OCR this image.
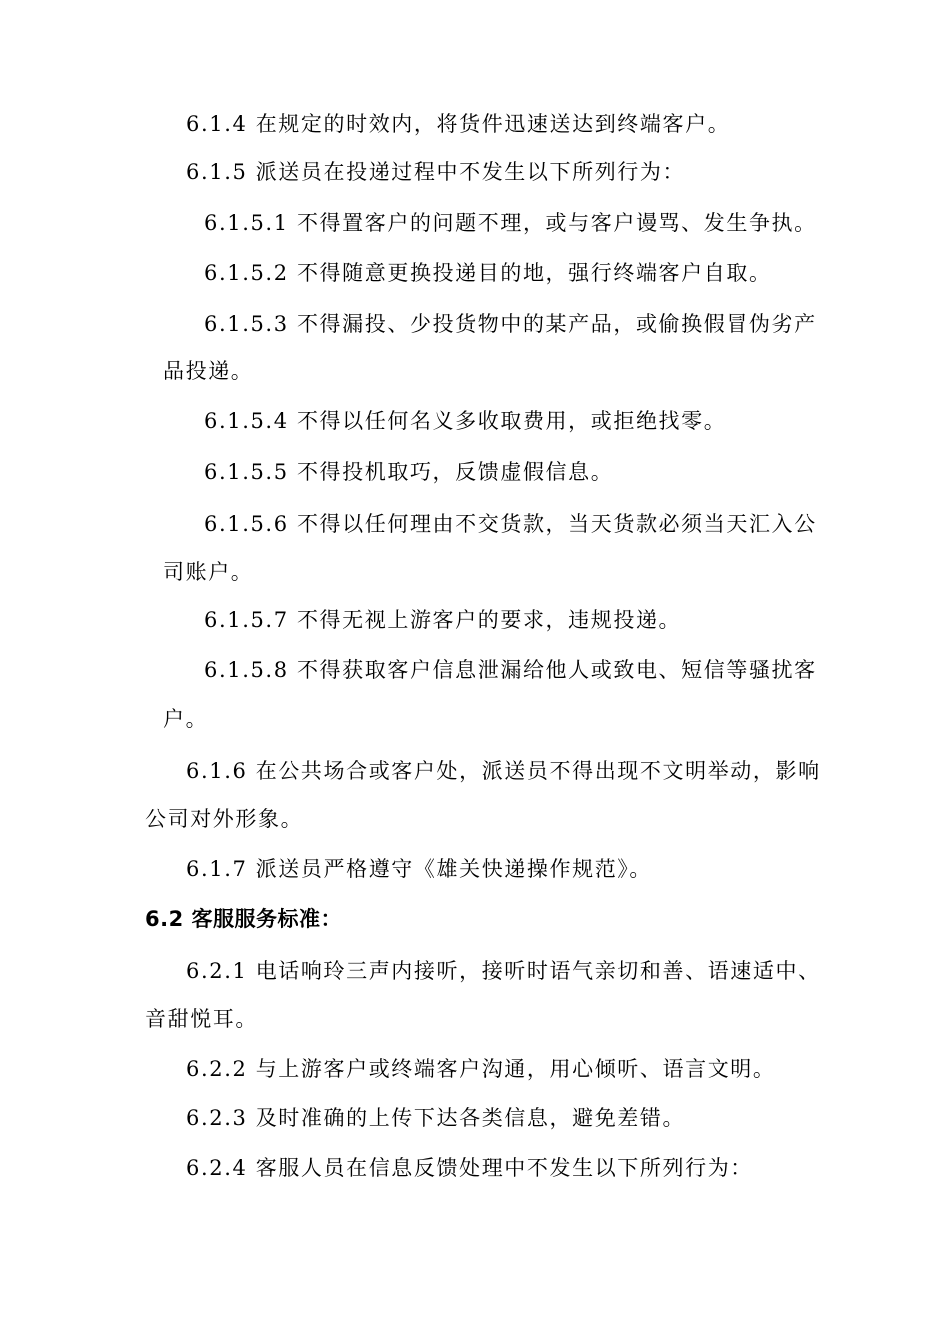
6.1.4 在规定的时效内，将货件迅速送达到终端客户。

6.1.5 派送员在投递过程中不发生以下所列行为：

6.1.5.1 不得置客户的问题不理，或与客户谩骂、发生争执。

6.1.5.2 不得随意更换投递目的地，强行终端客户自取。

6.1.5.3 不得漏投、少投货物中的某产品，或偷换假冒伪劣产

品投递。

6.1.5.4 不得以任何名义多收取费用，或拒绝找零。

6.1.5.5 不得投机取巧，反馈虚假信息。

6.1.5.6 不得以任何理由不交货款，当天货款必须当天汇入公

司账户。

6.1.5.7 不得无视上游客户的要求，违规投递。

6.1.5.8 不得获取客户信息泄漏给他人或致电、短信等骚扰客

户。

6.1.6 在公共场合或客户处，派送员不得出现不文明举动，影响

公司对外形象。

6.1.7 派送员严格遵守《雄关快递操作规范》。

6.2 客服服务标准：

6.2.1 电话响玲三声内接听，接听时语气亲切和善、语速适中、

音甜悦耳。

6.2.2 与上游客户或终端客户沟通，用心倾听、语言文明。

6.2.3 及时准确的上传下达各类信息，避免差错。

6.2.4 客服人员在信息反馈处理中不发生以下所列行为：
